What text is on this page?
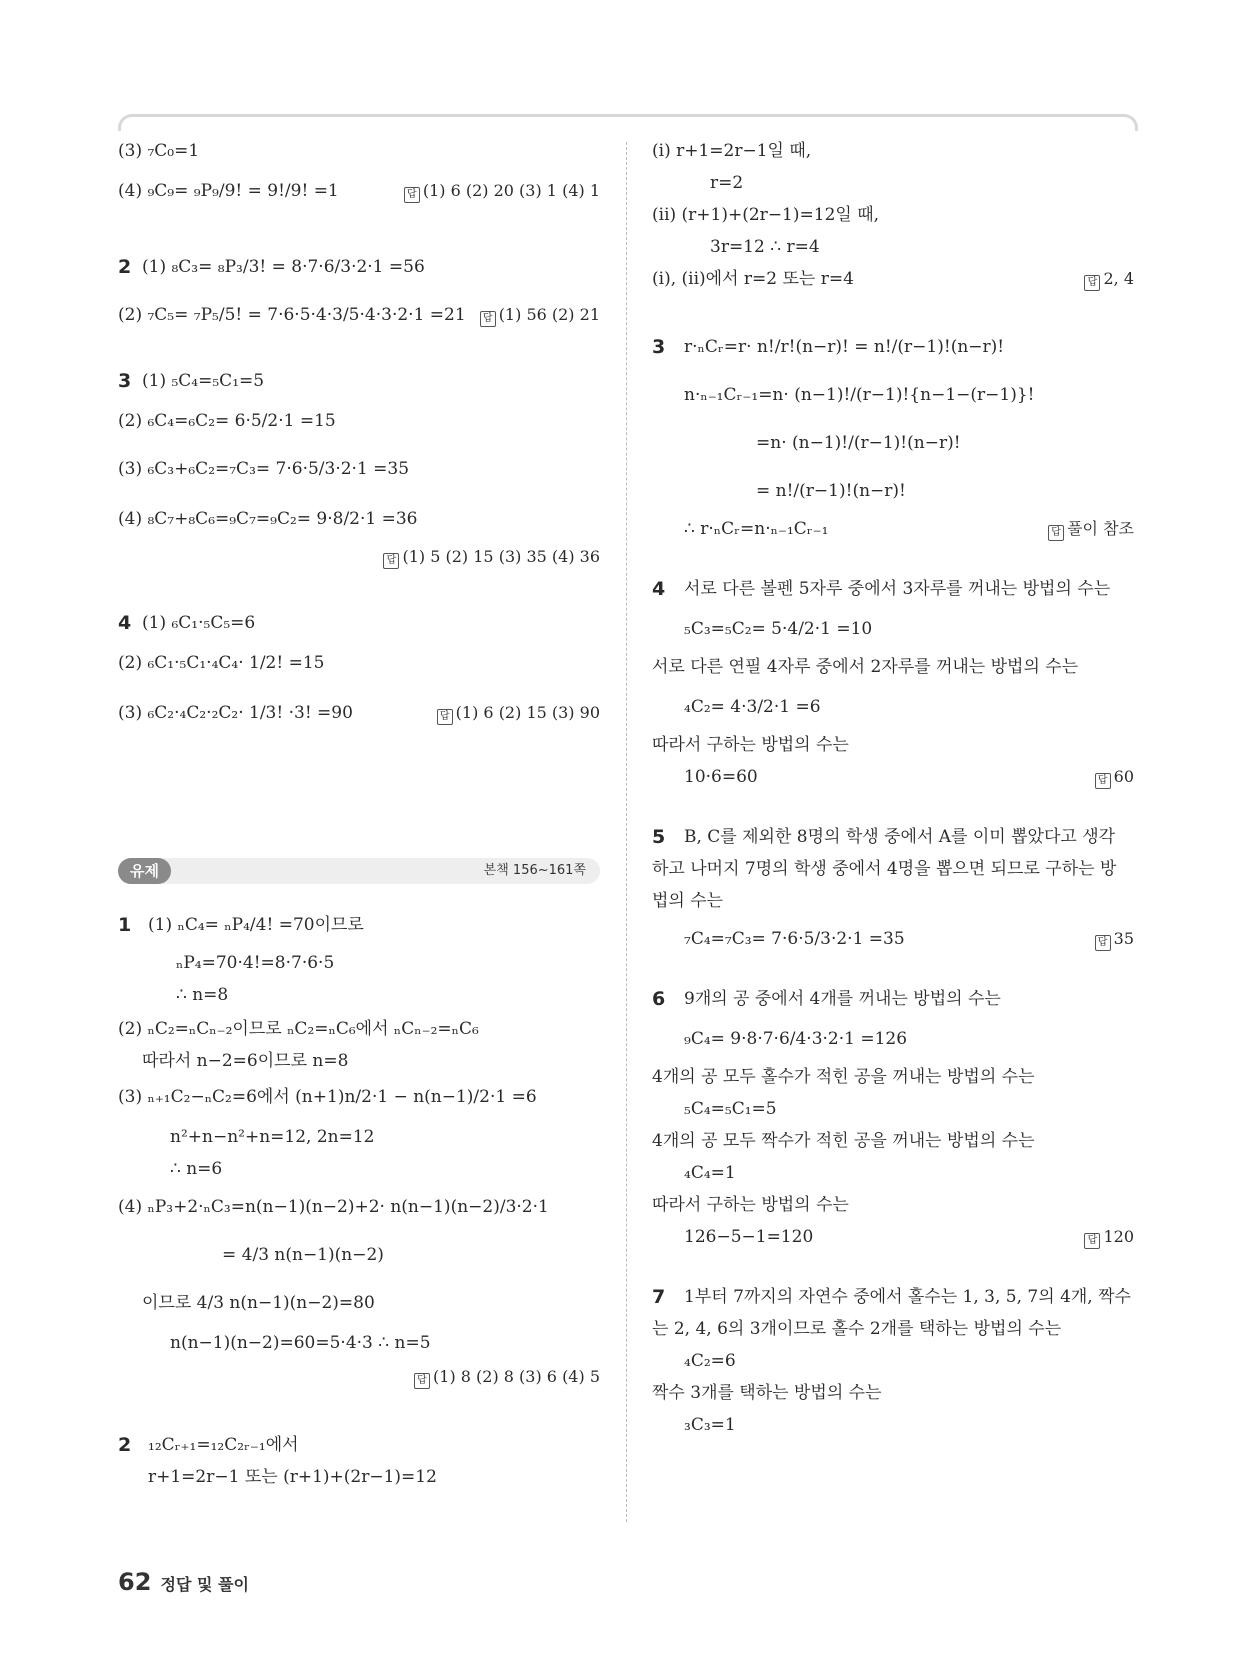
(3) ₇C₀=1
(4) ₉C₉= ₉P₉/9! = 9!/9! =1	답 (1) 6 (2) 20 (3) 1 (4) 1
2 (1) ₈C₃= ₈P₃/3! = 8·7·6/3·2·1 =56
(2) ₇C₅= ₇P₅/5! = 7·6·5·4·3/5·4·3·2·1 =21	답 (1) 56 (2) 21
3 (1) ₅C₄=₅C₁=5
(2) ₆C₄=₆C₂= 6·5/2·1 =15
(3) ₆C₃+₆C₂=₇C₃= 7·6·5/3·2·1 =35
(4) ₈C₇+₈C₆=₉C₇=₉C₂= 9·8/2·1 =36
답 (1) 5 (2) 15 (3) 35 (4) 36
4 (1) ₆C₁·₅C₅=6
(2) ₆C₁·₅C₁·₄C₄· 1/2! =15
(3) ₆C₂·₄C₂·₂C₂· 1/3! ·3! =90	답 (1) 6 (2) 15 (3) 90
유제	본책 156~161쪽
1 (1) ₙC₄= ₙP₄/4! =70이므로
ₙP₄=70·4!=8·7·6·5
∴ n=8
(2) ₙC₂=ₙCₙ₋₂이므로 ₙC₂=ₙC₆에서 ₙCₙ₋₂=ₙC₆
따라서 n−2=6이므로 n=8
(3) ₙ₊₁C₂−ₙC₂=6에서 (n+1)n/2·1 − n(n−1)/2·1 =6
n²+n−n²+n=12, 2n=12
∴ n=6
(4) ₙP₃+2·ₙC₃=n(n−1)(n−2)+2· n(n−1)(n−2)/3·2·1
= 4/3 n(n−1)(n−2)
이므로 4/3 n(n−1)(n−2)=80
n(n−1)(n−2)=60=5·4·3 ∴ n=5
답 (1) 8 (2) 8 (3) 6 (4) 5
2 ₁₂Cᵣ₊₁=₁₂C₂ᵣ₋₁에서
r+1=2r−1 또는 (r+1)+(2r−1)=12
(i) r+1=2r−1일 때,
r=2
(ii) (r+1)+(2r−1)=12일 때,
3r=12 ∴ r=4
(i), (ii)에서 r=2 또는 r=4	답 2, 4
3 r·ₙCᵣ=r· n!/r!(n−r)! = n!/(r−1)!(n−r)!
n·ₙ₋₁Cᵣ₋₁=n· (n−1)!/(r−1)!{n−1−(r−1)}!
=n· (n−1)!/(r−1)!(n−r)!
= n!/(r−1)!(n−r)!
∴ r·ₙCᵣ=n·ₙ₋₁Cᵣ₋₁	답 풀이 참조
4 서로 다른 볼펜 5자루 중에서 3자루를 꺼내는 방법의 수는
₅C₃=₅C₂= 5·4/2·1 =10
서로 다른 연필 4자루 중에서 2자루를 꺼내는 방법의 수는
₄C₂= 4·3/2·1 =6
따라서 구하는 방법의 수는
10·6=60	답 60
5 B, C를 제외한 8명의 학생 중에서 A를 이미 뽑았다고 생각
하고 나머지 7명의 학생 중에서 4명을 뽑으면 되므로 구하는 방
법의 수는
₇C₄=₇C₃= 7·6·5/3·2·1 =35	답 35
6 9개의 공 중에서 4개를 꺼내는 방법의 수는
₉C₄= 9·8·7·6/4·3·2·1 =126
4개의 공 모두 홀수가 적힌 공을 꺼내는 방법의 수는
₅C₄=₅C₁=5
4개의 공 모두 짝수가 적힌 공을 꺼내는 방법의 수는
₄C₄=1
따라서 구하는 방법의 수는
126−5−1=120	답 120
7 1부터 7까지의 자연수 중에서 홀수는 1, 3, 5, 7의 4개, 짝수
는 2, 4, 6의 3개이므로 홀수 2개를 택하는 방법의 수는
₄C₂=6
짝수 3개를 택하는 방법의 수는
₃C₃=1
62 정답 및 풀이
